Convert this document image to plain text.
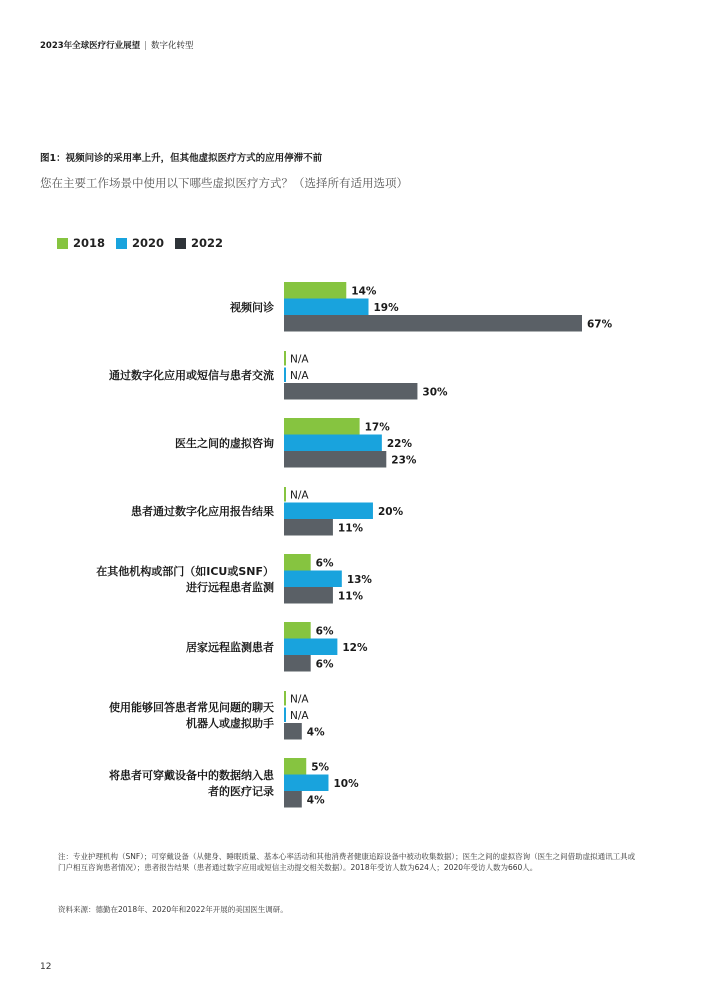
2023年全球医疗行业展望 | 数字化转型
图1：视频问诊的采用率上升，但其他虚拟医疗方式的应用停滞不前
您在主要工作场景中使用以下哪些虚拟医疗方式？（选择所有适用选项）
2018 2020 2022
视频问诊
14%
19%
67%
通过数字化应用或短信与患者交流
N/A
N/A
30%
医生之间的虚拟咨询
17%
22%
23%
患者通过数字化应用报告结果
N/A
20%
11%
在其他机构或部门（如ICU或SNF）
进行远程患者监测
6%
13%
11%
居家远程监测患者
6%
12%
6%
使用能够回答患者常见问题的聊天
机器人或虚拟助手
N/A
N/A
4%
将患者可穿戴设备中的数据纳入患
者的医疗记录
5%
10%
4%
注：专业护理机构（SNF）；可穿戴设备（从健身、睡眠质量、基本心率活动和其他消费者健康追踪设备中被动收集数据）；医生之间的虚拟咨询（医生之间借助虚拟通讯工具或门户相互咨询患者情况）；患者报告结果（患者通过数字应用或短信主动提交相关数据）。2018年受访人数为624人；2020年受访人数为660人。
资料来源：德勤在2018年、2020年和2022年开展的美国医生调研。
12
